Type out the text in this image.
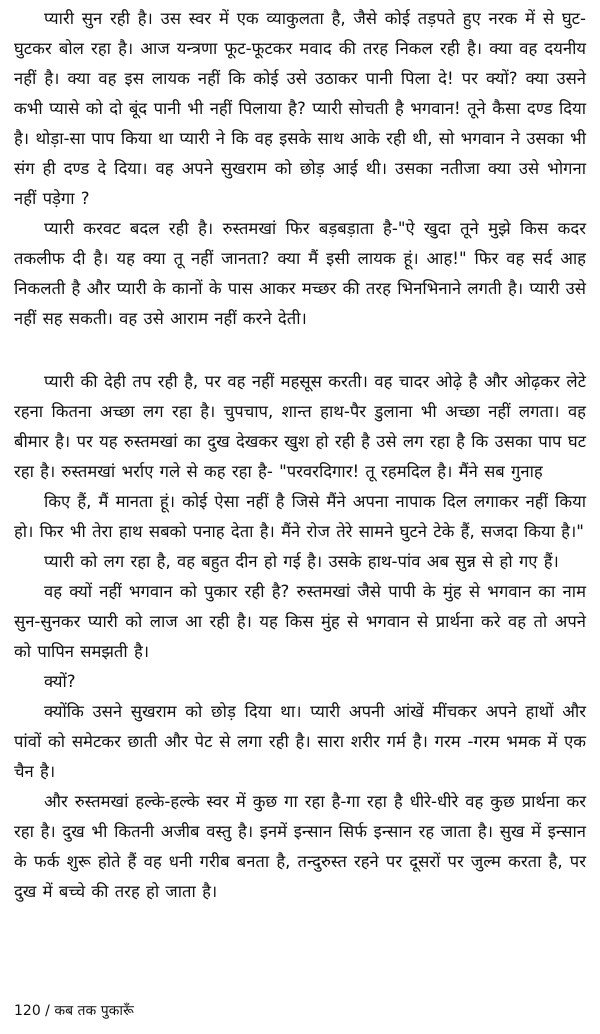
प्यारी सुन रही है। उस स्वर में एक व्याकुलता है, जैसे कोई तड़पते हुए नरक में से घुट-घुटकर बोल रहा है। आज यन्त्रणा फूट-फूटकर मवाद की तरह निकल रही है। क्या वह दयनीय नहीं है। क्या वह इस लायक नहीं कि कोई उसे उठाकर पानी पिला दे! पर क्यों? क्या उसने कभी प्यासे को दो बूंद पानी भी नहीं पिलाया है? प्यारी सोचती है भगवान! तूने कैसा दण्ड दिया है। थोड़ा-सा पाप किया था प्यारी ने कि वह इसके साथ आके रही थी, सो भगवान ने उसका भी संग ही दण्ड दे दिया। वह अपने सुखराम को छोड़ आई थी। उसका नतीजा क्या उसे भोगना नहीं पड़ेगा ?

प्यारी करवट बदल रही है। रुस्तमखां फिर बड़बड़ाता है-"ऐ खुदा तूने मुझे किस कदर तकलीफ दी है। यह क्या तू नहीं जानता? क्या मैं इसी लायक हूं। आह!" फिर वह सर्द आह निकलती है और प्यारी के कानों के पास आकर मच्छर की तरह भिनभिनाने लगती है। प्यारी उसे नहीं सह सकती। वह उसे आराम नहीं करने देती।

प्यारी की देही तप रही है, पर वह नहीं महसूस करती। वह चादर ओढ़े है और ओढ़कर लेटे रहना कितना अच्छा लग रहा है। चुपचाप, शान्त हाथ-पैर डुलाना भी अच्छा नहीं लगता। वह बीमार है। पर यह रुस्तमखां का दुख देखकर खुश हो रही है उसे लग रहा है कि उसका पाप घट रहा है। रुस्तमखां भर्राए गले से कह रहा है- "परवरदिगार! तू रहमदिल है। मैंने सब गुनाह

किए हैं, मैं मानता हूं। कोई ऐसा नहीं है जिसे मैंने अपना नापाक दिल लगाकर नहीं किया हो। फिर भी तेरा हाथ सबको पनाह देता है। मैंने रोज तेरे सामने घुटने टेके हैं, सजदा किया है।"

प्यारी को लग रहा है, वह बहुत दीन हो गई है। उसके हाथ-पांव अब सुन्न से हो गए हैं।

वह क्यों नहीं भगवान को पुकार रही है? रुस्तमखां जैसे पापी के मुंह से भगवान का नाम सुन-सुनकर प्यारी को लाज आ रही है। यह किस मुंह से भगवान से प्रार्थना करे वह तो अपने को पापिन समझती है।

क्यों?

क्योंकि उसने सुखराम को छोड़ दिया था। प्यारी अपनी आंखें मींचकर अपने हाथों और पांवों को समेटकर छाती और पेट से लगा रही है। सारा शरीर गर्म है। गरम -गरम भमक में एक चैन है।

और रुस्तमखां हल्के-हल्के स्वर में कुछ गा रहा है-गा रहा है धीरे-धीरे वह कुछ प्रार्थना कर रहा है। दुख भी कितनी अजीब वस्तु है। इनमें इन्सान सिर्फ इन्सान रह जाता है। सुख में इन्सान के फर्क शुरू होते हैं वह धनी गरीब बनता है, तन्दुरुस्त रहने पर दूसरों पर जुल्म करता है, पर दुख में बच्चे की तरह हो जाता है।

120 / कब तक पुकारूँ
